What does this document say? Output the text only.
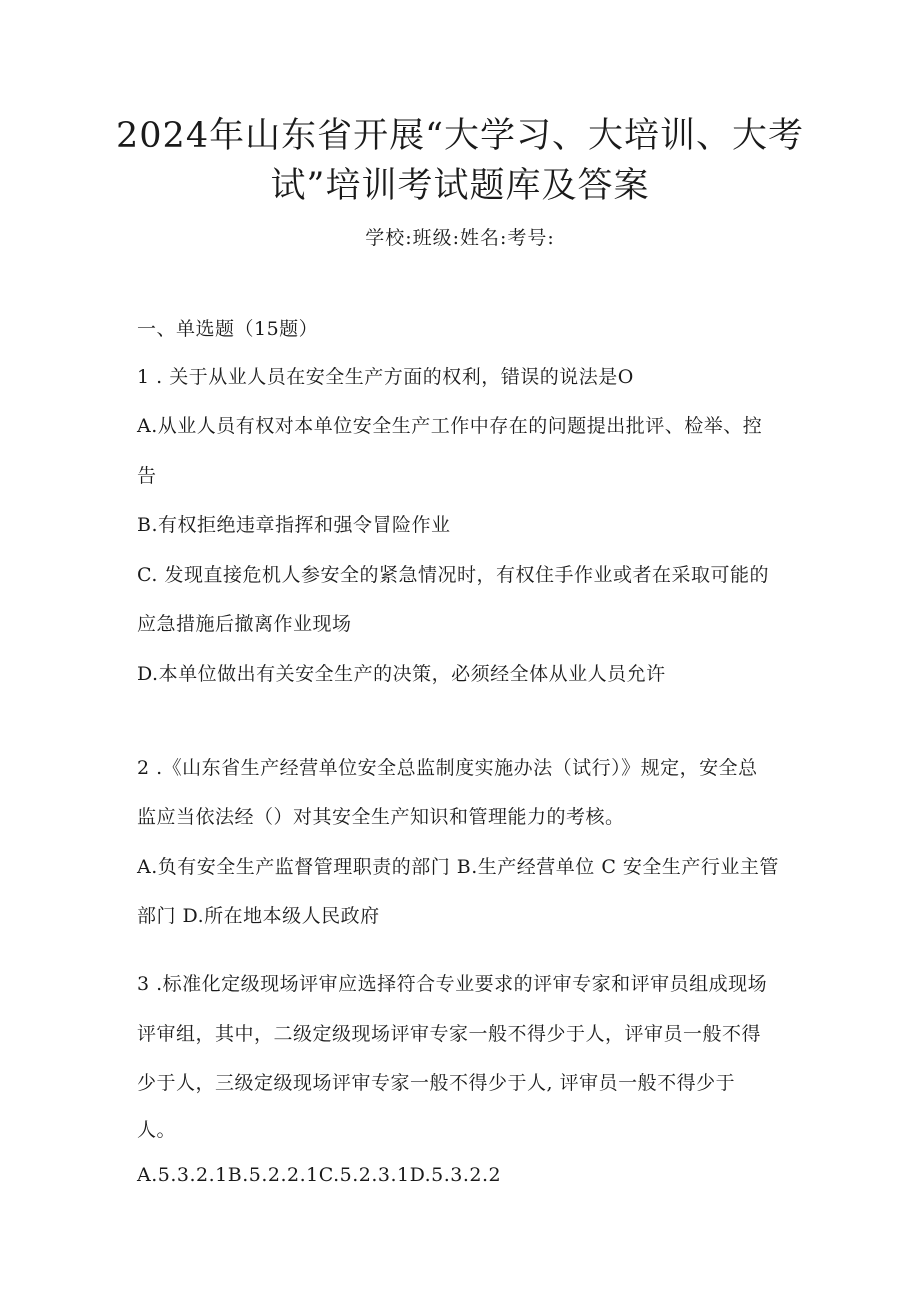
2024年山东省开展“大学习、大培训、大考
试”培训考试题库及答案
学校:班级:姓名:考号:
一、单选题（15题）
1 . 关于从业人员在安全生产方面的权利，错误的说法是O
A.从业人员有权对本单位安全生产工作中存在的问题提出批评、检举、控
告
B.有权拒绝违章指挥和强令冒险作业
C. 发现直接危机人参安全的紧急情况时，有权住手作业或者在采取可能的
应急措施后撤离作业现场
D.本单位做出有关安全生产的决策，必须经全体从业人员允许
2 .《山东省生产经营单位安全总监制度实施办法（试行）》规定，安全总
监应当依法经（）对其安全生产知识和管理能力的考核。
A.负有安全生产监督管理职责的部门 B.生产经营单位 C 安全生产行业主管
部门 D.所在地本级人民政府
3 .标准化定级现场评审应选择符合专业要求的评审专家和评审员组成现场
评审组，其中，二级定级现场评审专家一般不得少于人，评审员一般不得
少于人，三级定级现场评审专家一般不得少于人, 评审员一般不得少于
人。
A.5.3.2.1B.5.2.2.1C.5.2.3.1D.5.3.2.2
